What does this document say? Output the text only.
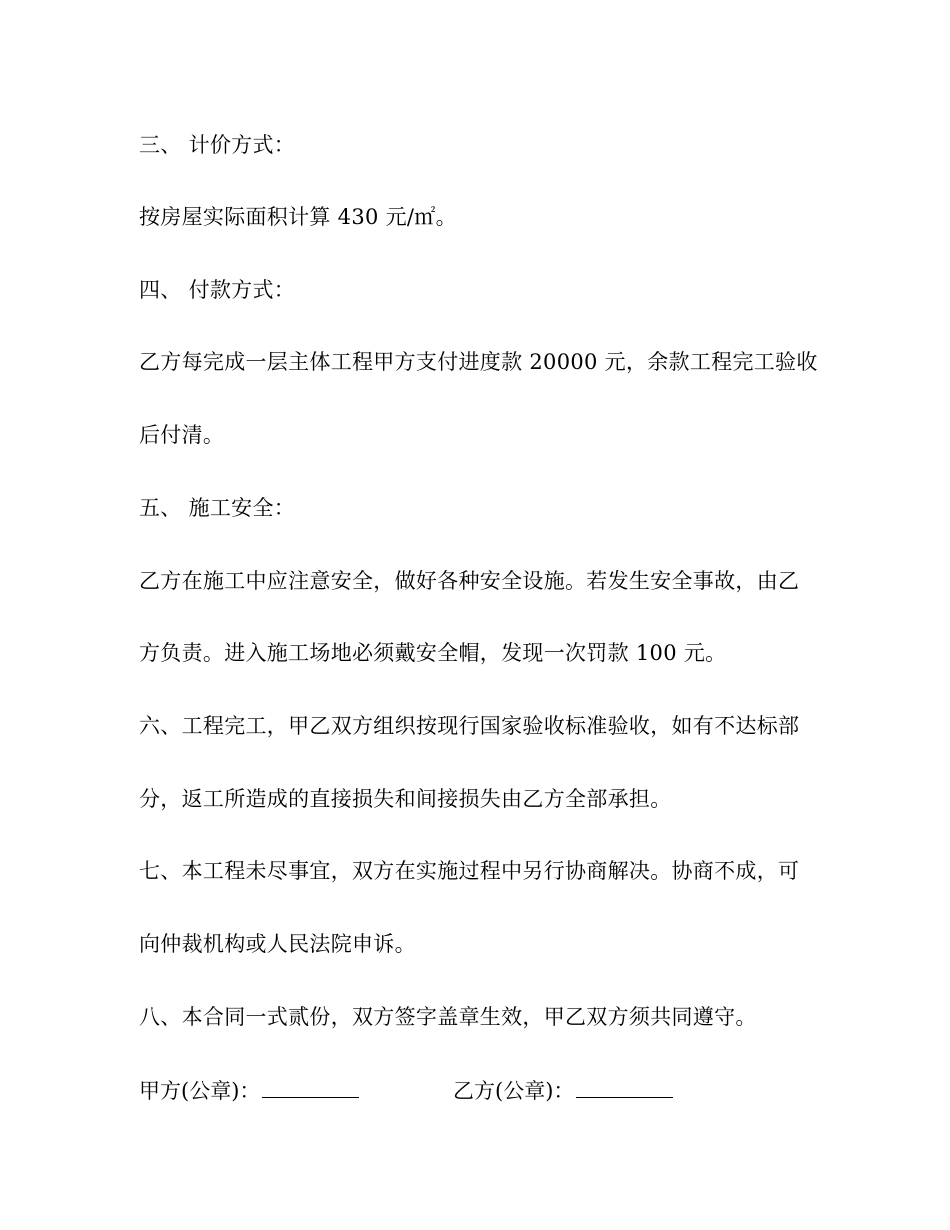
三、 计价方式：
按房屋实际面积计算 430 元/㎡。
四、 付款方式：
乙方每完成一层主体工程甲方支付进度款 20000 元，余款工程完工验收
后付清。
五、 施工安全：
乙方在施工中应注意安全，做好各种安全设施。若发生安全事故，由乙
方负责。进入施工场地必须戴安全帽，发现一次罚款 100 元。
六、工程完工，甲乙双方组织按现行国家验收标准验收，如有不达标部
分，返工所造成的直接损失和间接损失由乙方全部承担。
七、本工程未尽事宜，双方在实施过程中另行协商解决。协商不成，可
向仲裁机构或人民法院申诉。
八、本合同一式贰份，双方签字盖章生效，甲乙双方须共同遵守。
甲方(公章)：	乙方(公章)：
